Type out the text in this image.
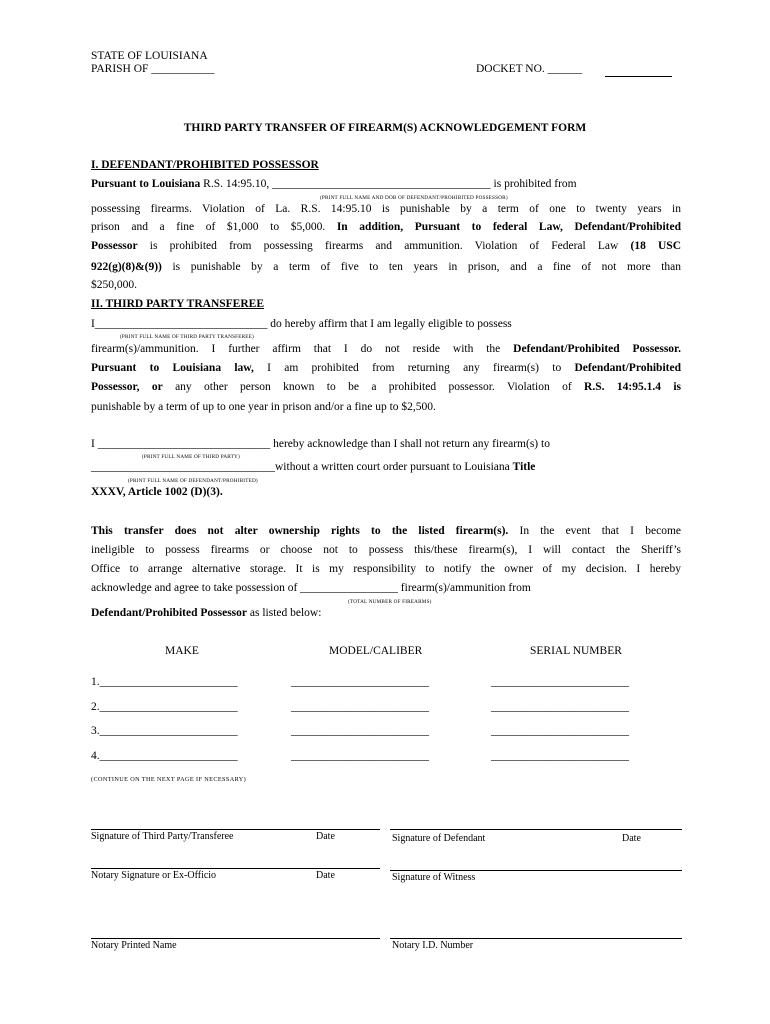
STATE OF LOUISIANA
PARISH OF ___________	DOCKET NO. ______
THIRD PARTY TRANSFER OF FIREARM(S) ACKNOWLEDGEMENT FORM
I. DEFENDANT/PROHIBITED POSSESSOR
Pursuant to Louisiana R.S. 14:95.10, ______________________________________ is prohibited from
(PRINT FULL NAME AND DOB OF DEFENDANT/PROHIBITED POSSESSOR)
possessing firearms. Violation of La. R.S. 14:95.10 is punishable by a term of one to twenty years in
prison and a fine of $1,000 to $5,000. In addition, Pursuant to federal Law, Defendant/Prohibited
Possessor is prohibited from possessing firearms and ammunition. Violation of Federal Law (18 USC
922(g)(8)&(9)) is punishable by a term of five to ten years in prison, and a fine of not more than
$250,000.
II. THIRD PARTY TRANSFEREE
I______________________________ do hereby affirm that I am legally eligible to possess
(PRINT FULL NAME OF THIRD PARTY TRANSFEREE)
firearm(s)/ammunition. I further affirm that I do not reside with the Defendant/Prohibited Possessor.
Pursuant to Louisiana law, I am prohibited from returning any firearm(s) to Defendant/Prohibited
Possessor, or any other person known to be a prohibited possessor. Violation of R.S. 14:95.1.4 is
punishable by a term of up to one year in prison and/or a fine up to $2,500.
I ______________________________ hereby acknowledge than I shall not return any firearm(s) to
(PRINT FULL NAME OF THIRD PARTY)
________________________________without a written court order pursuant to Louisiana Title
(PRINT FULL NAME OF DEFENDANT/PROHIBITED)
XXXV, Article 1002 (D)(3).
This transfer does not alter ownership rights to the listed firearm(s). In the event that I become
ineligible to possess firearms or choose not to possess this/these firearm(s), I will contact the Sheriff’s
Office to arrange alternative storage. It is my responsibility to notify the owner of my decision. I hereby
acknowledge and agree to take possession of _________________ firearm(s)/ammunition from
(TOTAL NUMBER OF FIREARMS)
Defendant/Prohibited Possessor as listed below:
MAKE	MODEL/CALIBER	SERIAL NUMBER
1.________________________	________________________	________________________
2.________________________	________________________	________________________
3.________________________	________________________	________________________
4.________________________	________________________	________________________
(CONTINUE ON THE NEXT PAGE IF NECESSARY)
Signature of Third Party/Transferee	Date	Signature of Defendant	Date
Notary Signature or Ex-Officio	Date	Signature of Witness
Notary Printed Name	Notary I.D. Number
